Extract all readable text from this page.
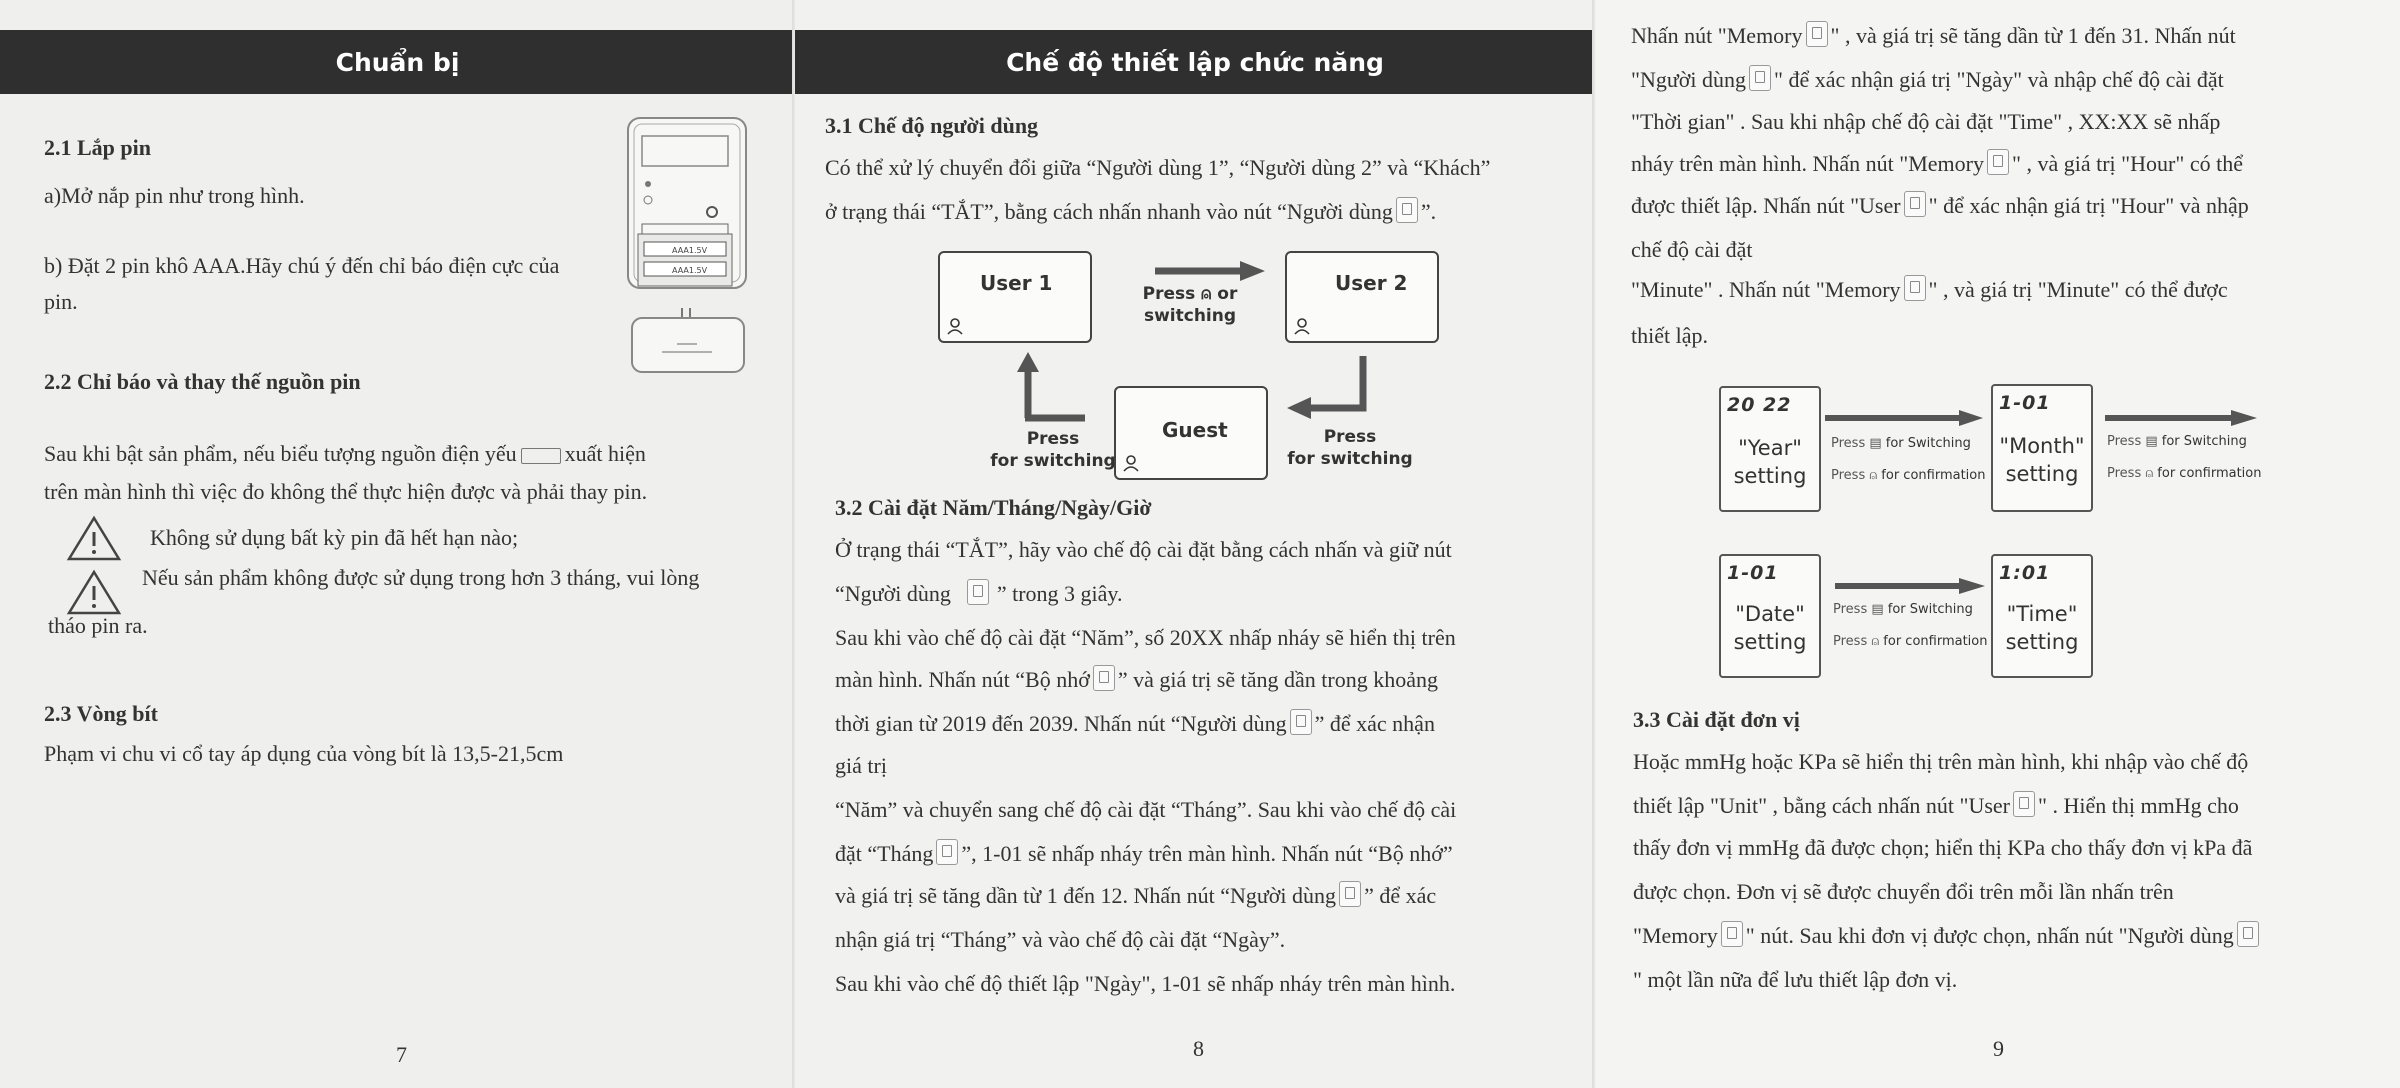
Chuẩn bị

2.1 Lắp pin

a)Mở nắp pin như trong hình.

b) Đặt 2 pin khô AAA.Hãy chú ý đến chỉ báo điện cực của

pin.

AAA1.5V
AAA1.5V

2.2 Chỉ báo và thay thế nguồn pin

Sau khi bật sản phẩm, nếu biểu tượng nguồn điện yếu xuất hiện

trên màn hình thì việc đo không thể thực hiện được và phải thay pin.

Không sử dụng bất kỳ pin đã hết hạn nào;

Nếu sản phẩm không được sử dụng trong hơn 3 tháng, vui lòng

tháo pin ra.

2.3 Vòng bít

Phạm vi chu vi cổ tay áp dụng của vòng bít là 13,5-21,5cm

7
Chế độ thiết lập chức năng

3.1 Chế độ người dùng

Có thể xử lý chuyển đổi giữa “Người dùng 1”, “Người dùng 2” và “Khách”

ở trạng thái “TẮT”, bằng cách nhấn nhanh vào nút “Người dùng ”.

User 1	User 2
Guest
Press ⍝ or switching
Press
for switching
Press
for switching

3.2 Cài đặt Năm/Tháng/Ngày/Giờ

Ở trạng thái “TẮT”, hãy vào chế độ cài đặt bằng cách nhấn và giữ nút

“Người dùng ” trong 3 giây.

Sau khi vào chế độ cài đặt “Năm”, số 20XX nhấp nháy sẽ hiển thị trên

màn hình. Nhấn nút “Bộ nhớ ” và giá trị sẽ tăng dần trong khoảng

thời gian từ 2019 đến 2039. Nhấn nút “Người dùng ” để xác nhận

giá trị

“Năm” và chuyển sang chế độ cài đặt “Tháng”. Sau khi vào chế độ cài

đặt “Tháng ”, 1-01 sẽ nhấp nháy trên màn hình. Nhấn nút “Bộ nhớ”

và giá trị sẽ tăng dần từ 1 đến 12. Nhấn nút “Người dùng ” để xác

nhận giá trị “Tháng” và vào chế độ cài đặt “Ngày”.

Sau khi vào chế độ thiết lập "Ngày", 1-01 sẽ nhấp nháy trên màn hình.

8

Nhấn nút "Memory " , và giá trị sẽ tăng dần từ 1 đến 31. Nhấn nút

"Người dùng " để xác nhận giá trị "Ngày" và nhập chế độ cài đặt

"Thời gian" . Sau khi nhập chế độ cài đặt "Time" , XX:XX sẽ nhấp

nháy trên màn hình. Nhấn nút "Memory " , và giá trị "Hour" có thể

được thiết lập. Nhấn nút "User " để xác nhận giá trị "Hour" và nhập

chế độ cài đặt

"Minute" . Nhấn nút "Memory " , và giá trị "Minute" có thể được

thiết lập.

20 22
"Year"
setting
1-01
"Month"
setting
1-01
"Date"
setting
1:01
"Time"
setting
Press ▤ for Switching
Press ⍝ for confirmation
Press ▤ for Switching
Press ⍝ for confirmation
Press ▤ for Switching
Press ⍝ for confirmation

3.3 Cài đặt đơn vị

Hoặc mmHg hoặc KPa sẽ hiển thị trên màn hình, khi nhập vào chế độ

thiết lập "Unit" , bằng cách nhấn nút "User " . Hiển thị mmHg cho

thấy đơn vị mmHg đã được chọn; hiển thị KPa cho thấy đơn vị kPa đã

được chọn. Đơn vị sẽ được chuyển đổi trên mỗi lần nhấn trên

"Memory " nút. Sau khi đơn vị được chọn, nhấn nút "Người dùng

" một lần nữa để lưu thiết lập đơn vị.

9
